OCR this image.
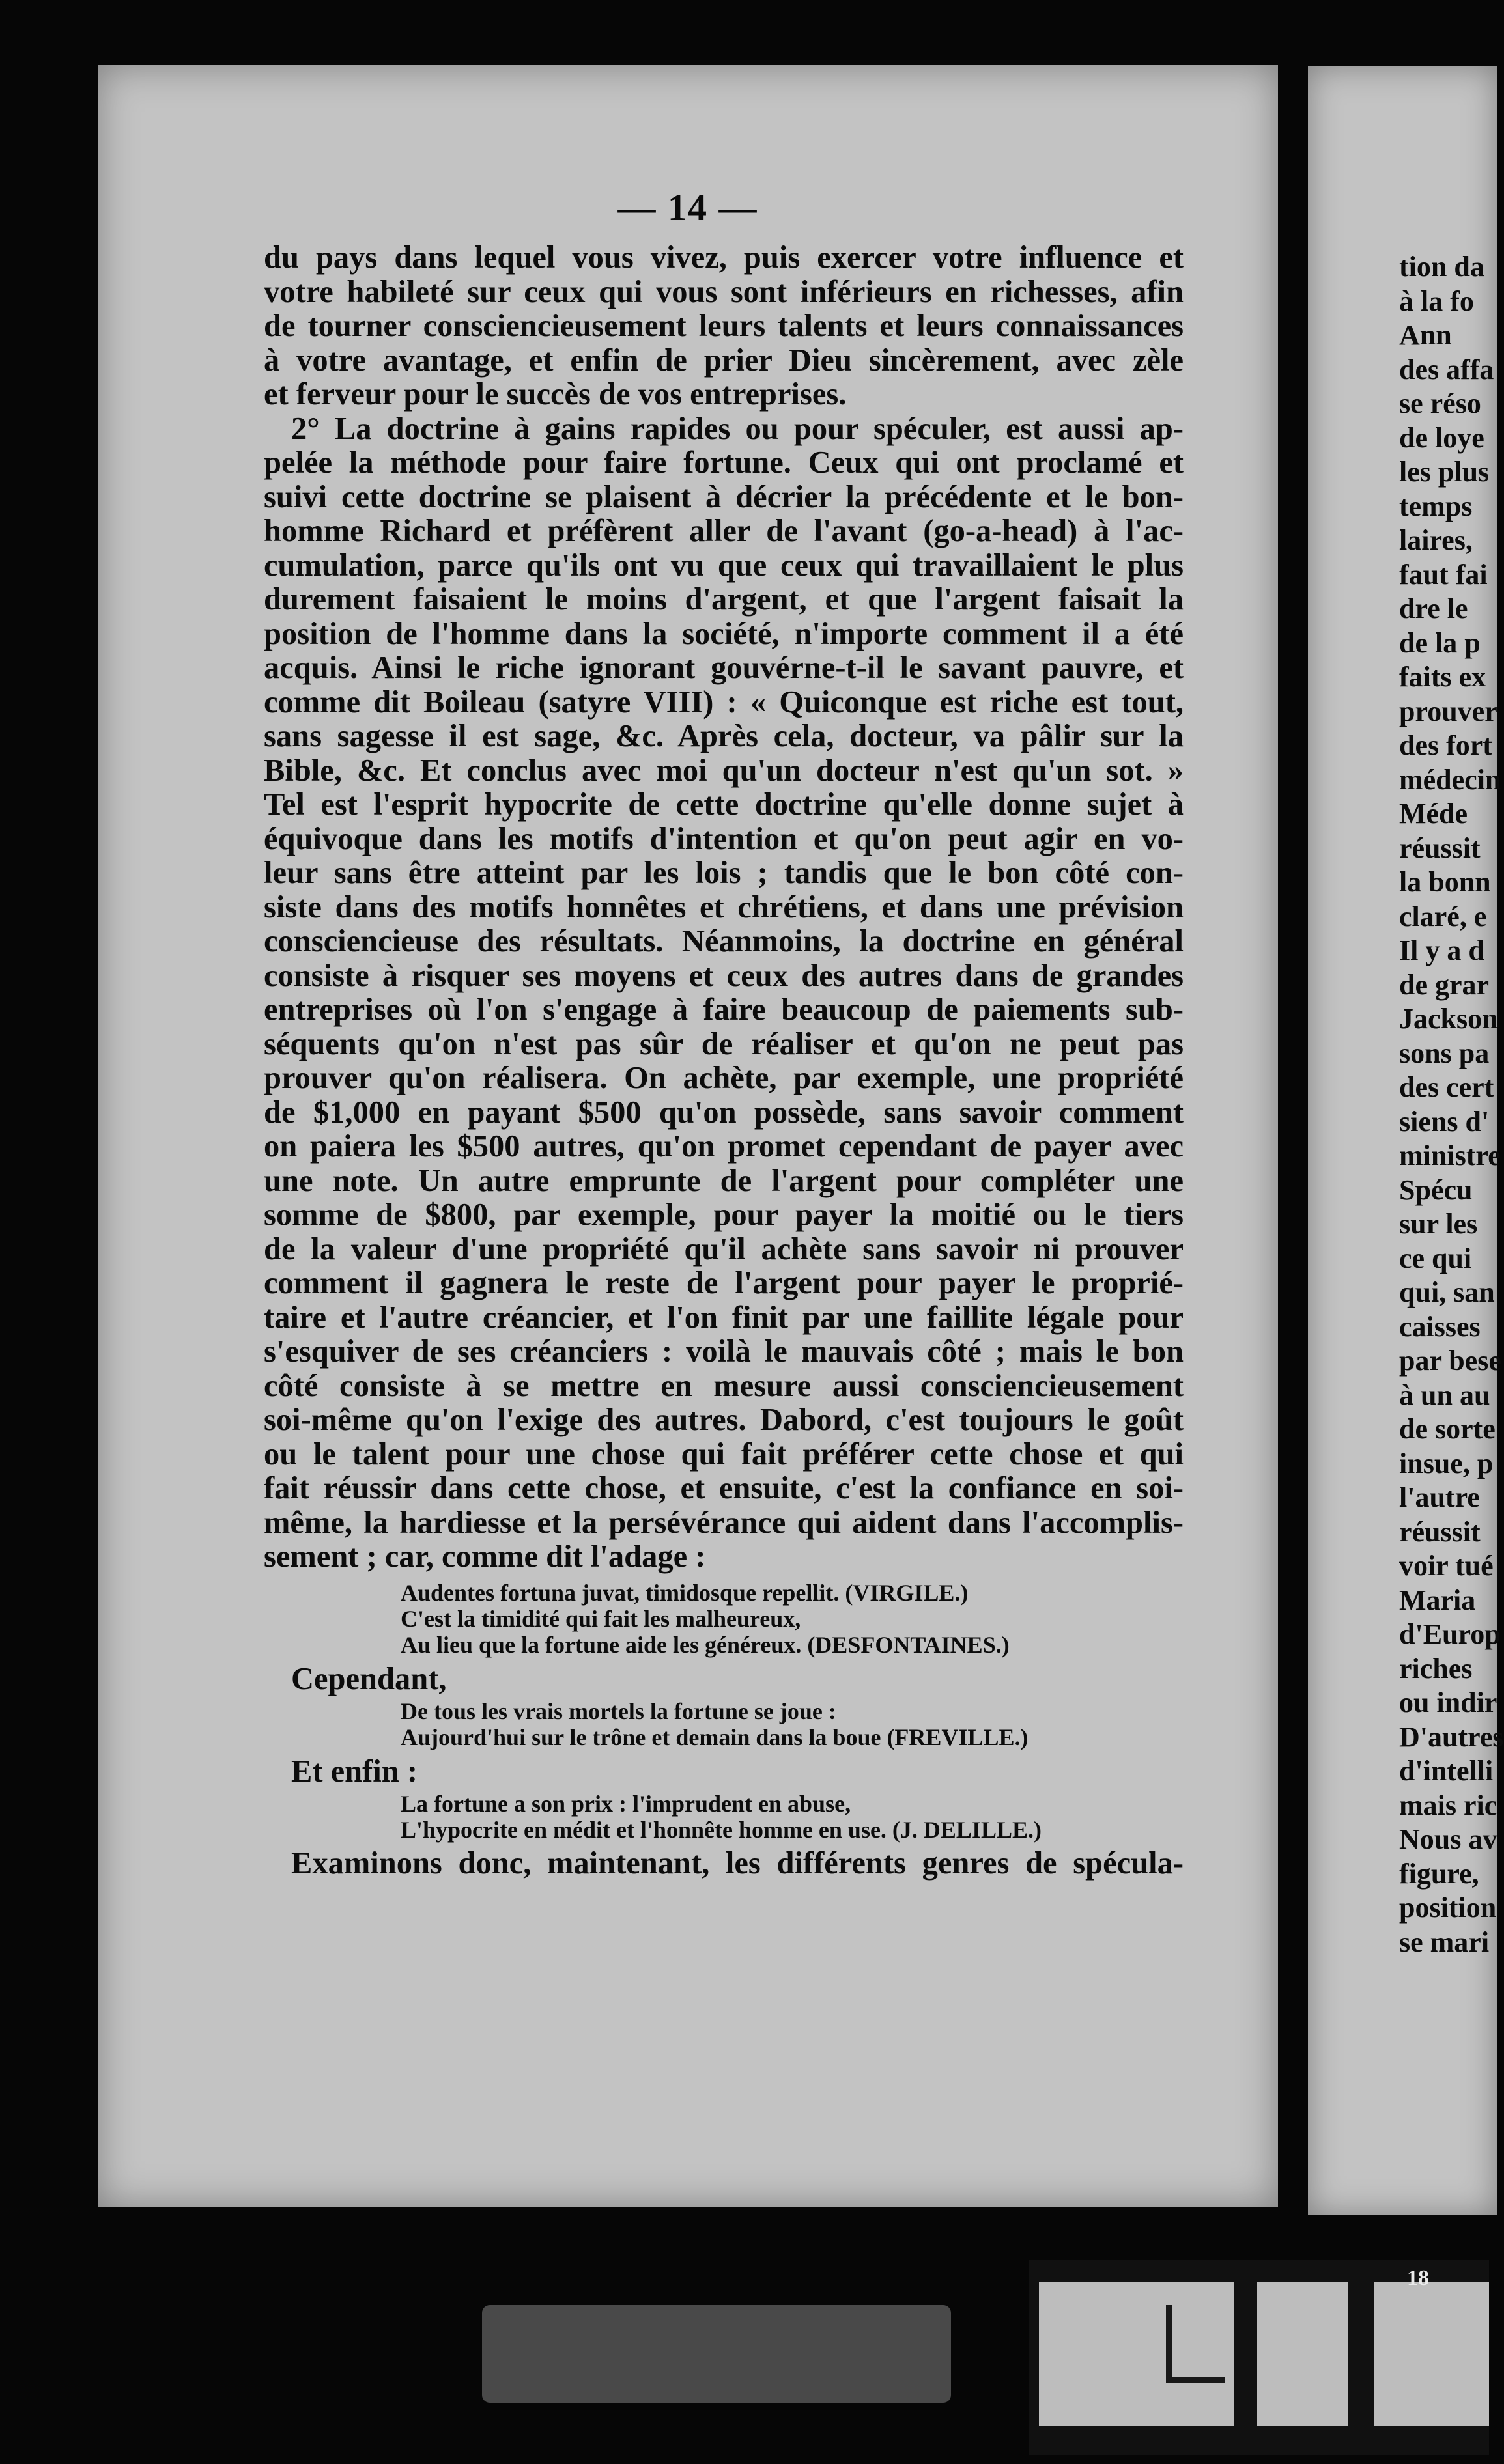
— 14 —
du pays dans lequel vous vivez, puis exercer votre influence et
votre habileté sur ceux qui vous sont inférieurs en richesses, afin
de tourner consciencieusement leurs talents et leurs connaissances
à votre avantage, et enfin de prier Dieu sincèrement, avec zèle
et ferveur pour le succès de vos entreprises.
2° La doctrine à gains rapides ou pour spéculer, est aussi ap-
pelée la méthode pour faire fortune. Ceux qui ont proclamé et
suivi cette doctrine se plaisent à décrier la précédente et le bon-
homme Richard et préfèrent aller de l'avant (go-a-head) à l'ac-
cumulation, parce qu'ils ont vu que ceux qui travaillaient le plus
durement faisaient le moins d'argent, et que l'argent faisait la
position de l'homme dans la société, n'importe comment il a été
acquis. Ainsi le riche ignorant gouvérne-t-il le savant pauvre, et
comme dit Boileau (satyre VIII) : « Quiconque est riche est tout,
sans sagesse il est sage, &c. Après cela, docteur, va pâlir sur la
Bible, &c. Et conclus avec moi qu'un docteur n'est qu'un sot. »
Tel est l'esprit hypocrite de cette doctrine qu'elle donne sujet à
équivoque dans les motifs d'intention et qu'on peut agir en vo-
leur sans être atteint par les lois ; tandis que le bon côté con-
siste dans des motifs honnêtes et chrétiens, et dans une prévision
consciencieuse des résultats. Néanmoins, la doctrine en général
consiste à risquer ses moyens et ceux des autres dans de grandes
entreprises où l'on s'engage à faire beaucoup de paiements sub-
séquents qu'on n'est pas sûr de réaliser et qu'on ne peut pas
prouver qu'on réalisera. On achète, par exemple, une propriété
de $1,000 en payant $500 qu'on possède, sans savoir comment
on paiera les $500 autres, qu'on promet cependant de payer avec
une note. Un autre emprunte de l'argent pour compléter une
somme de $800, par exemple, pour payer la moitié ou le tiers
de la valeur d'une propriété qu'il achète sans savoir ni prouver
comment il gagnera le reste de l'argent pour payer le proprié-
taire et l'autre créancier, et l'on finit par une faillite légale pour
s'esquiver de ses créanciers : voilà le mauvais côté ; mais le bon
côté consiste à se mettre en mesure aussi consciencieusement
soi-même qu'on l'exige des autres. Dabord, c'est toujours le goût
ou le talent pour une chose qui fait préférer cette chose et qui
fait réussir dans cette chose, et ensuite, c'est la confiance en soi-
même, la hardiesse et la persévérance qui aident dans l'accomplis-
sement ; car, comme dit l'adage :
Audentes fortuna juvat, timidosque repellit. (VIRGILE.)
C'est la timidité qui fait les malheureux,
Au lieu que la fortune aide les généreux. (DESFONTAINES.)
Cependant,
De tous les vrais mortels la fortune se joue :
Aujourd'hui sur le trône et demain dans la boue (FREVILLE.)
Et enfin :
La fortune a son prix : l'imprudent en abuse,
L'hypocrite en médit et l'honnête homme en use. (J. DELILLE.)
Examinons donc, maintenant, les différents genres de spécula-
tion da
à la fo
Ann
des affa
se réso
de loye
les plus
temps
laires,
faut fai
dre le
de la p
faits ex
prouver
des fort
médecin
Méde
réussit
la bonn
claré, e
Il y a d
de grar
Jackson
sons pa
des cert
siens d'
ministre
Spécu
sur les
ce qui
qui, san
caisses
par bese
à un au
de sorte
insue, p
l'autre
réussit
voir tué
Maria
d'Europ
riches
ou indir
D'autres
d'intelli
mais ric
Nous av
figure,
position
se mari
18
